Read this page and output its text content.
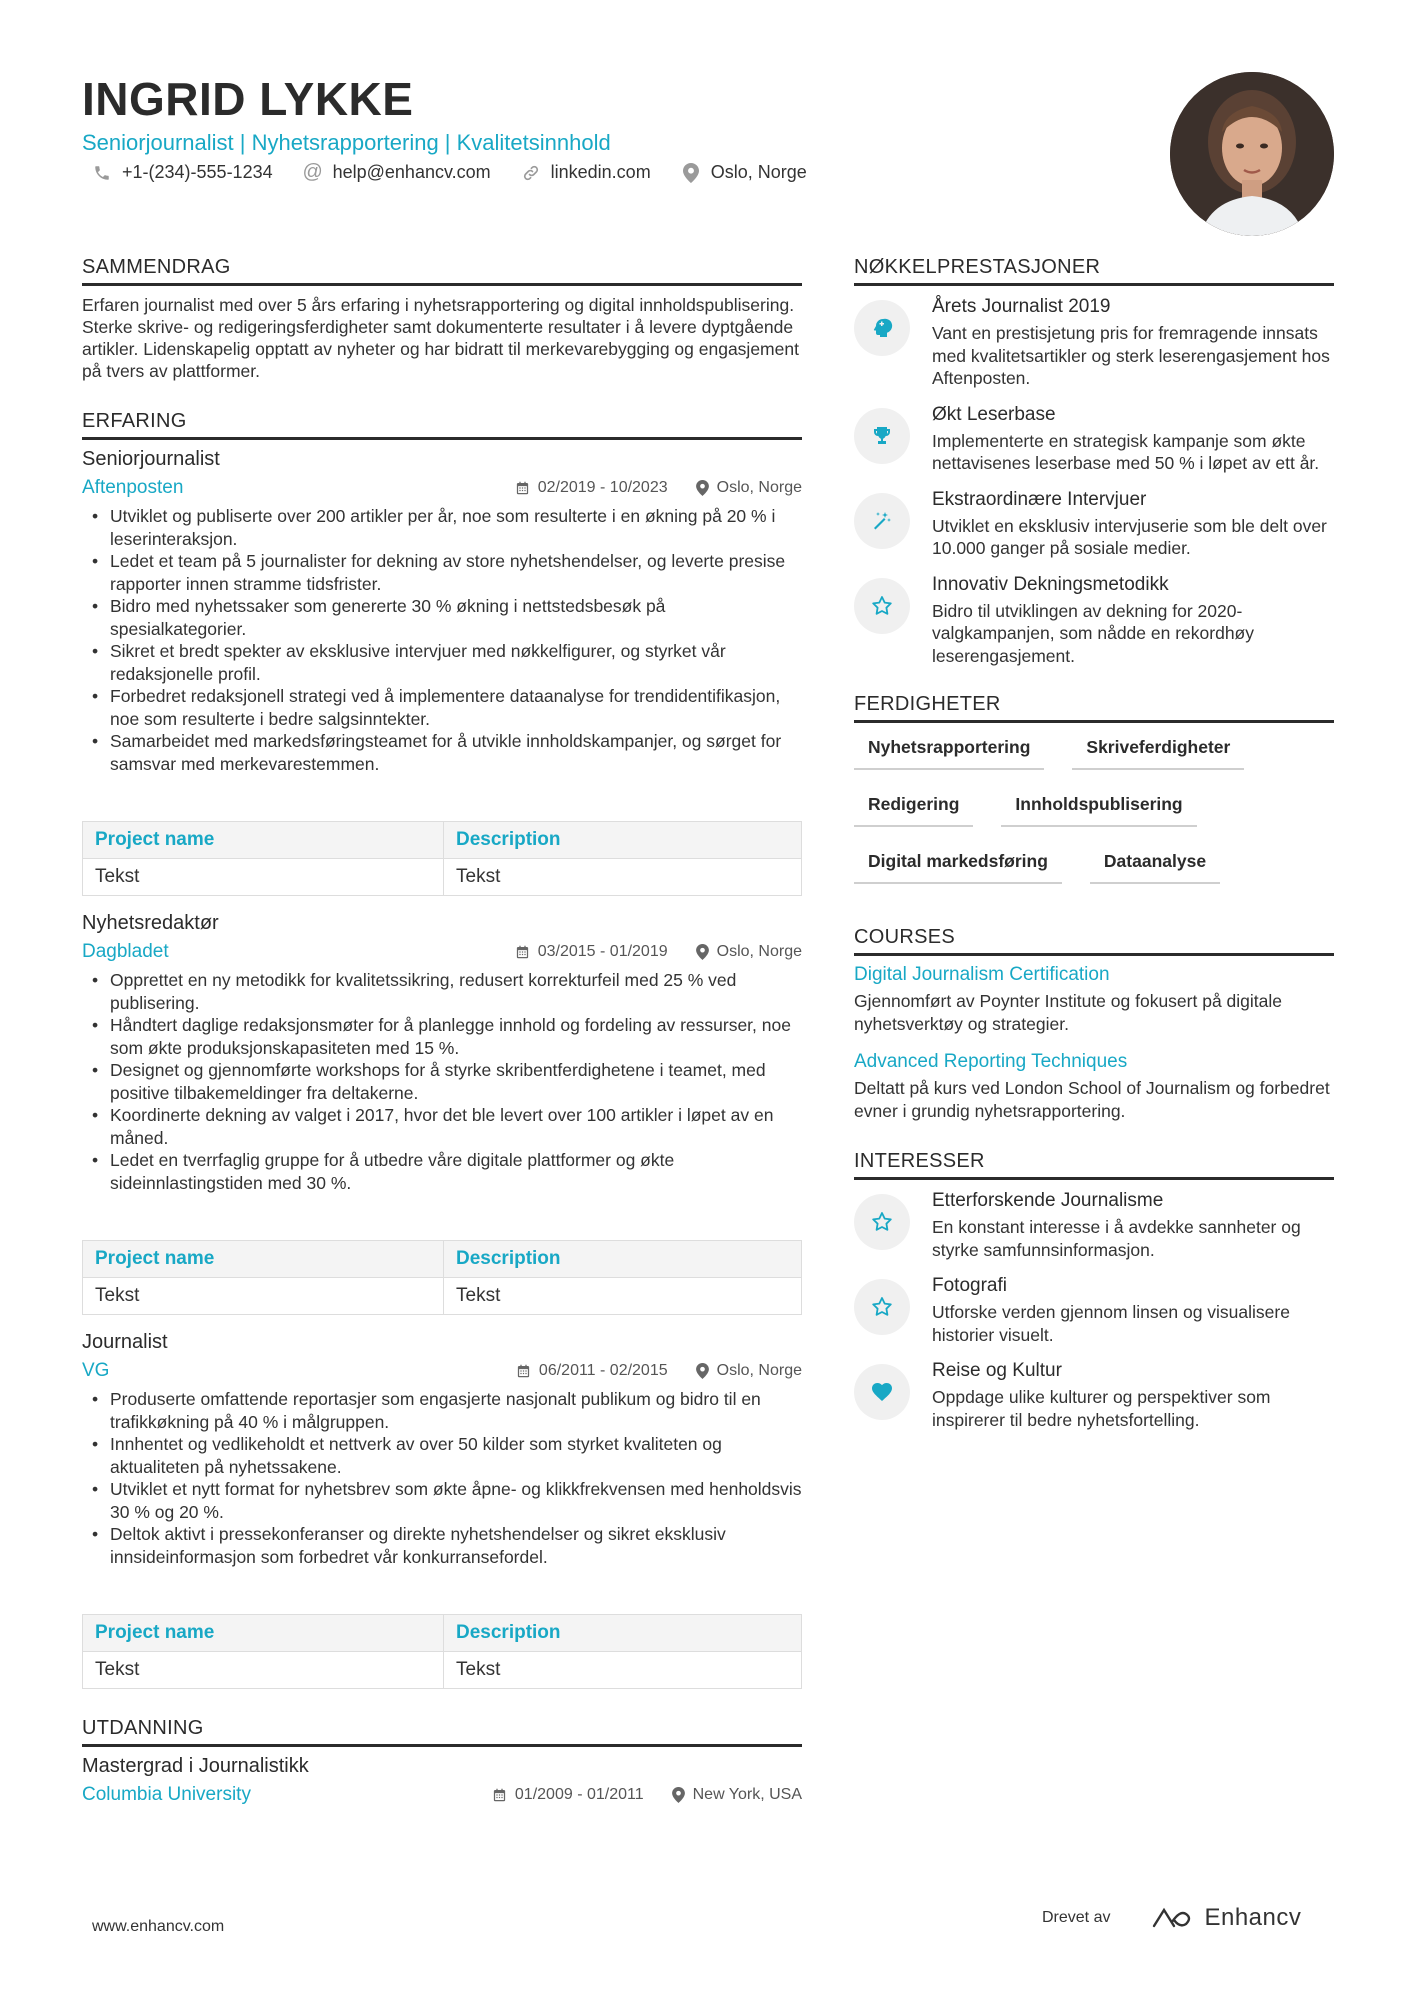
INGRID LYKKE
Seniorjournalist | Nyhetsrapportering | Kvalitetsinnhold
+1-(234)-555-1234 @ help@enhancv.com	linkedin.com	Oslo, Norge
SAMMENDRAG
Erfaren journalist med over 5 års erfaring i nyhetsrapportering og digital innholdspublisering. Sterke skrive- og redigeringsferdigheter samt dokumenterte resultater i å levere dyptgående artikler. Lidenskapelig opptatt av nyheter og har bidratt til merkevarebygging og engasjement på tvers av plattformer.
ERFARING
Seniorjournalist
Aftenposten	02/2019 - 10/2023	Oslo, Norge
• Utviklet og publiserte over 200 artikler per år, noe som resulterte i en økning på 20 % i leserinteraksjon.
• Ledet et team på 5 journalister for dekning av store nyhetshendelser, og leverte presise rapporter innen stramme tidsfrister.
• Bidro med nyhetssaker som genererte 30 % økning i nettstedsbesøk på spesialkategorier.
• Sikret et bredt spekter av eksklusive intervjuer med nøkkelfigurer, og styrket vår redaksjonelle profil.
• Forbedret redaksjonell strategi ved å implementere dataanalyse for trendidentifikasjon, noe som resulterte i bedre salgsinntekter.
• Samarbeidet med markedsføringsteamet for å utvikle innholdskampanjer, og sørget for samsvar med merkevarestemmen.
Project name	Description
Tekst	Tekst
Nyhetsredaktør
Dagbladet	03/2015 - 01/2019	Oslo, Norge
• Opprettet en ny metodikk for kvalitetssikring, redusert korrekturfeil med 25 % ved publisering.
• Håndtert daglige redaksjonsmøter for å planlegge innhold og fordeling av ressurser, noe som økte produksjonskapasiteten med 15 %.
• Designet og gjennomførte workshops for å styrke skribentferdighetene i teamet, med positive tilbakemeldinger fra deltakerne.
• Koordinerte dekning av valget i 2017, hvor det ble levert over 100 artikler i løpet av en måned.
• Ledet en tverrfaglig gruppe for å utbedre våre digitale plattformer og økte sideinnlastingstiden med 30 %.
Project name	Description
Tekst	Tekst
Journalist
VG	06/2011 - 02/2015	Oslo, Norge
• Produserte omfattende reportasjer som engasjerte nasjonalt publikum og bidro til en trafikkøkning på 40 % i målgruppen.
• Innhentet og vedlikeholdt et nettverk av over 50 kilder som styrket kvaliteten og aktualiteten på nyhetssakene.
• Utviklet et nytt format for nyhetsbrev som økte åpne- og klikkfrekvensen med henholdsvis 30 % og 20 %.
• Deltok aktivt i pressekonferanser og direkte nyhetshendelser og sikret eksklusiv innsideinformasjon som forbedret vår konkurransefordel.
Project name	Description
Tekst	Tekst
UTDANNING
Mastergrad i Journalistikk
Columbia University	01/2009 - 01/2011	New York, USA
NØKKELPRESTASJONER
Årets Journalist 2019
Vant en prestisjetung pris for fremragende innsats med kvalitetsartikler og sterk leserengasjement hos Aftenposten.
Økt Leserbase
Implementerte en strategisk kampanje som økte nettavisenes leserbase med 50 % i løpet av ett år.
Ekstraordinære Intervjuer
Utviklet en eksklusiv intervjuserie som ble delt over 10.000 ganger på sosiale medier.
Innovativ Dekningsmetodikk
Bidro til utviklingen av dekning for 2020-valgkampanjen, som nådde en rekordhøy leserengasjement.
FERDIGHETER
Nyhetsrapportering	Skriveferdigheter
Redigering	Innholdspublisering
Digital markedsføring	Dataanalyse
COURSES
Digital Journalism Certification
Gjennomført av Poynter Institute og fokusert på digitale nyhetsverktøy og strategier.
Advanced Reporting Techniques
Deltatt på kurs ved London School of Journalism og forbedret evner i grundig nyhetsrapportering.
INTERESSER
Etterforskende Journalisme
En konstant interesse i å avdekke sannheter og styrke samfunnsinformasjon.
Fotografi
Utforske verden gjennom linsen og visualisere historier visuelt.
Reise og Kultur
Oppdage ulike kulturer og perspektiver som inspirerer til bedre nyhetsfortelling.
www.enhancv.com
Drevet av	Enhancv
